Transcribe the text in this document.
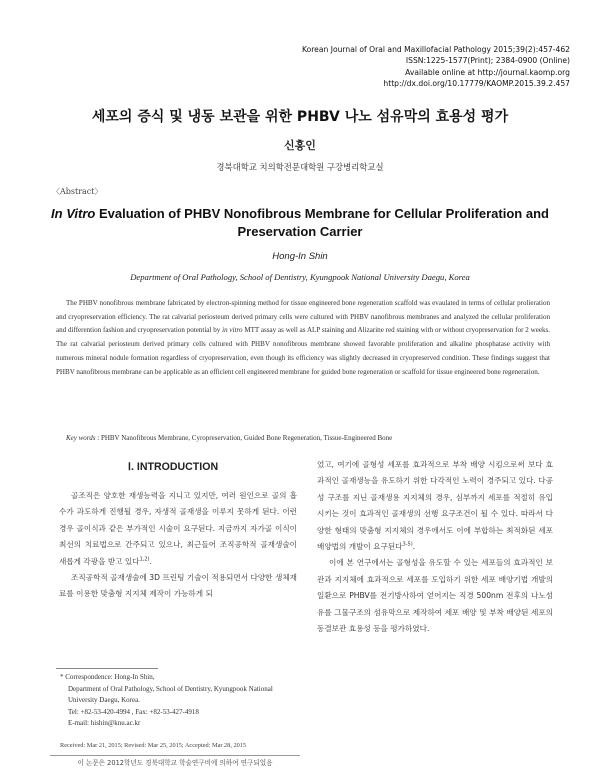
Korean Journal of Oral and Maxillofacial Pathology 2015;39(2):457-462
ISSN:1225-1577(Print); 2384-0900 (Online)
Available online at http://journal.kaomp.org
http://dx.doi.org/10.17779/KAOMP.2015.39.2.457
세포의 증식 및 냉동 보관을 위한 PHBV 나노 섬유막의 효용성 평가
신홍인
경북대학교 치의학전문대학원 구강병리학교실
〈Abstract〉
In Vitro Evaluation of PHBV Nonofibrous Membrane for Cellular Proliferation and Preservation Carrier
Hong-In Shin
Department of Oral Pathology, School of Dentistry, Kyungpook National University Daegu, Korea
The PHBV nonofibrous membrane fabricated by electron-spinning method for tissue engineered bone regeneration scaffold was evaulated in terms of cellular prolieration and cryopreservation efficiency. The rat calvarial periosteum derived primary cells were cultured with PHBV nanofibrous membranes and analyzed the cellular proliferation and differention fashion and cryopreservation potential by in vitro MTT assay as well as ALP staining and Alizarine red staining with or without cryopreservation for 2 weeks. The rat calvarial periosteum derived primary cells cultured with PHBV nonofibrous membrane showed favorable proliferation and alkaline phosphatase activity with numerous mineral nodule formation regardless of cryopreservation, even though its efficiency was slightly decreased in cryopreserved condition. These findings suggest that PHBV nanofibrous membrane can be applicable as an efficient cell engineered membrane for guided bone regeneration or scaffold for tissue engineered bone regeneration.
Key words : PHBV Nanofibrous Membrane, Cyropreservation, Guided Bone Regeneration, Tissue-Engineered Bone
Ⅰ. INTRODUCTION

골조직은 양호한 재생능력을 지니고 있지만, 여러 원인으로 골의 흡수가 과도하게 진행될 경우, 자생적 골재생을 이루지 못하게 된다. 이런 경우 골이식과 같은 부가적인 시술이 요구된다. 지금까지 자가골 이식이 최선의 치료법으로 간주되고 있으나, 최근들어 조직공학적 골재생술이 새롭게 각광을 받고 있다$^{1,2)}$.

조직공학적 골재생술에 3D 프린팅 기술이 적용되면서 다양한 생체재료를 이용한 맞춤형 지지체 제작이 가능하게 되

었고, 여기에 골형성 세포를 효과적으로 부착 배양 시킴으로써 보다 효과적인 골재생능을 유도하기 위한 다각적인 노력이 경주되고 있다. 다공성 구조를 지닌 골재생용 지지체의 경우, 심부까지 세포를 적절히 유입시키는 것이 효과적인 골재생의 선행 요구조건이 될 수 있다. 따라서 다양한 형태의 맞춤형 지지체의 경우에서도 이에 부합하는 최적화된 세포배양법의 개발이 요구된다$^{3-5)}$.

이에 본 연구에서는 골형성을 유도할 수 있는 세포들의 효과적인 보관과 지지체에 효과적으로 세포를 도입하기 위한 세포 배양기법 개발의 일환으로 PHBV를 전기방사하여 얻어지는 직경 500nm 전후의 나노섬유를 그물구조의 섬유막으로 제작하여 세포 배양 및 부착 배양된 세포의 동결보관 효용성 등을 평가하였다.

* Correspondence: Hong-In Shin,
Department of Oral Pathology, School of Dentistry, Kyungpook National University Daegu, Korea.
Tel: +82-53-420-4994 , Fax: +82-53-427-4918
E-mail: hishin@knu.ac.kr
Received: Mar 21, 2015; Revised: Mar 25, 2015; Accepted: Mar 28, 2015
이 논문은 2012학년도 경북대학교 학술연구비에 의하여 연구되었음
